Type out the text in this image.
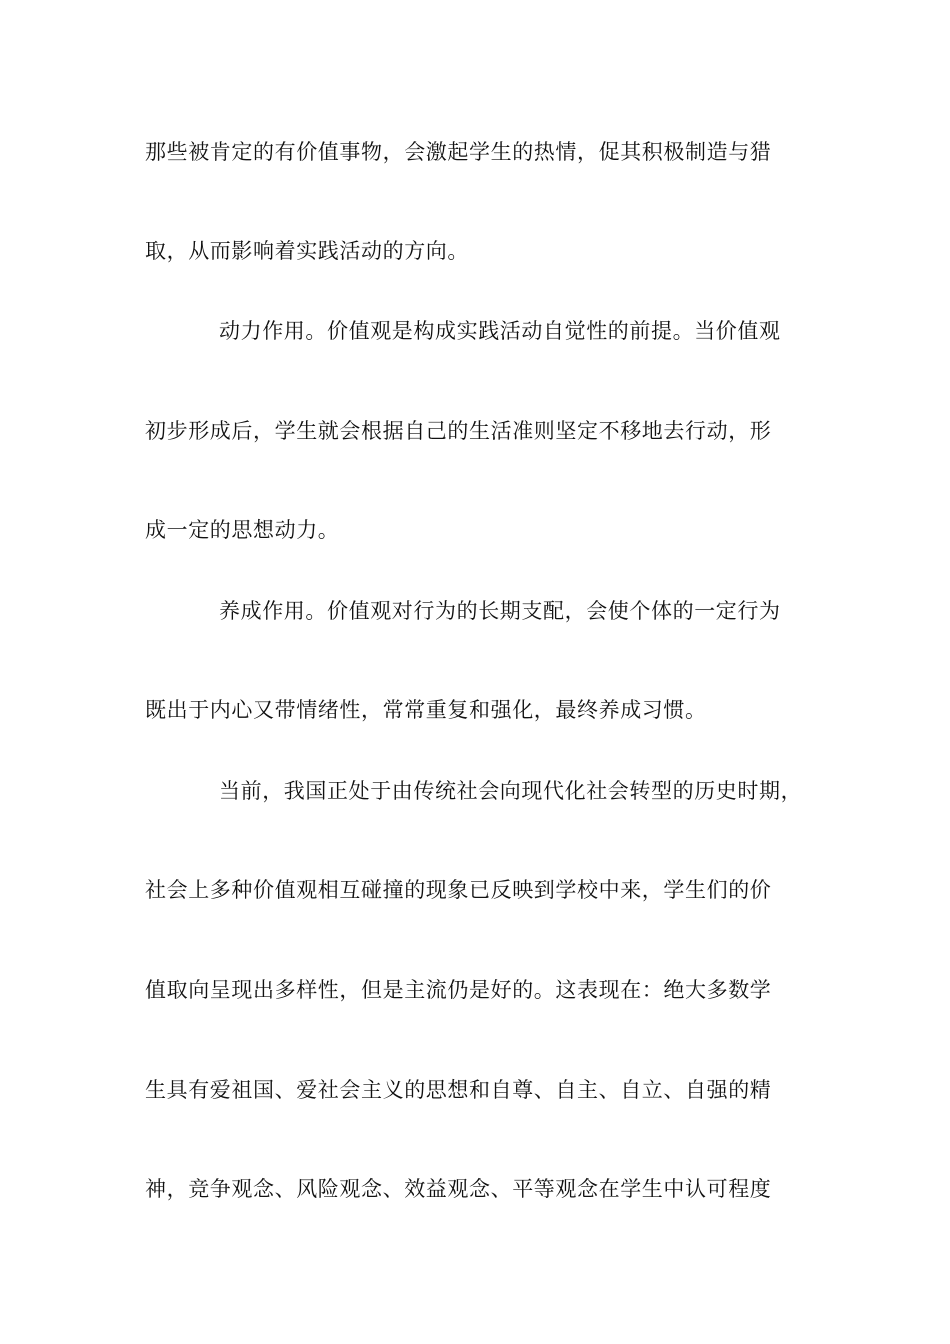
那些被肯定的有价值事物，会激起学生的热情，促其积极制造与猎
取，从而影响着实践活动的方向。
动力作用。价值观是构成实践活动自觉性的前提。当价值观
初步形成后，学生就会根据自己的生活准则坚定不移地去行动，形
成一定的思想动力。
养成作用。价值观对行为的长期支配，会使个体的一定行为
既出于内心又带情绪性，常常重复和强化，最终养成习惯。
当前，我国正处于由传统社会向现代化社会转型的历史时期，
社会上多种价值观相互碰撞的现象已反映到学校中来，学生们的价
值取向呈现出多样性，但是主流仍是好的。这表现在：绝大多数学
生具有爱祖国、爱社会主义的思想和自尊、自主、自立、自强的精
神，竞争观念、风险观念、效益观念、平等观念在学生中认可程度
